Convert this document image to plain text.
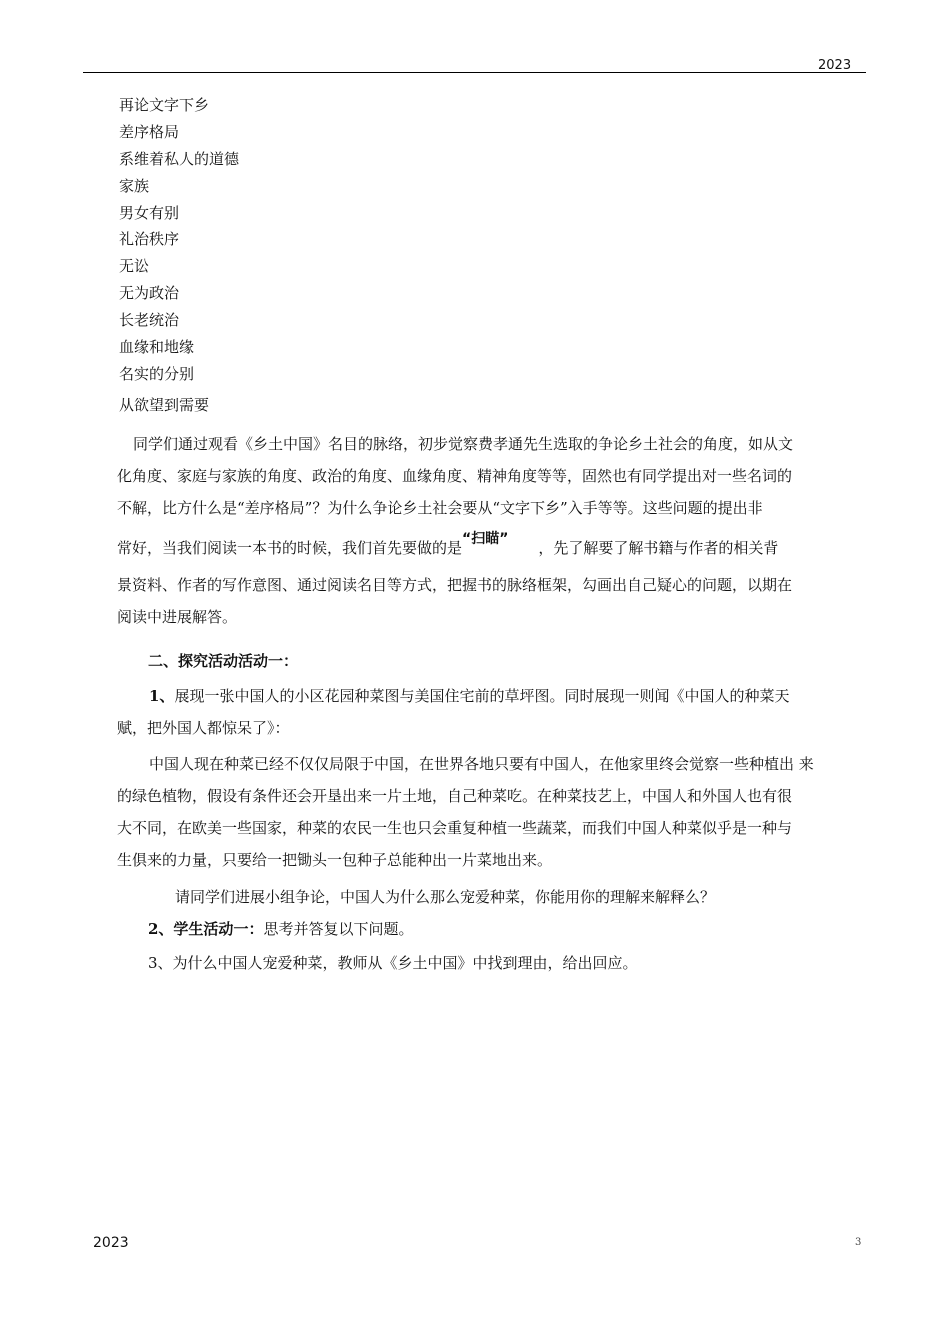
2023
再论文字下乡
差序格局
系维着私人的道德
家族
男女有别
礼治秩序
无讼
无为政治
长老统治
血缘和地缘
名实的分别
从欲望到需要
同学们通过观看《乡土中国》名目的脉络，初步觉察费孝通先生选取的争论乡土社会的角度，如从文
化角度、家庭与家族的角度、政治的角度、血缘角度、精神角度等等，固然也有同学提出对一些名词的
不解，比方什么是“差序格局”？为什么争论乡土社会要从“文字下乡”入手等等。这些问题的提出非
常好，当我们阅读一本书的时候，我们首先要做的是“扫瞄” ，先了解要了解书籍与作者的相关背
景资料、作者的写作意图、通过阅读名目等方式，把握书的脉络框架，勾画出自己疑心的问题，以期在
阅读中进展解答。
二、探究活动活动一：
1、展现一张中国人的小区花园种菜图与美国住宅前的草坪图。同时展现一则闻《中国人的种菜天
赋，把外国人都惊呆了》：
中国人现在种菜已经不仅仅局限于中国，在世界各地只要有中国人，在他家里终会觉察一些种植出 来
的绿色植物，假设有条件还会开垦出来一片土地，自己种菜吃。在种菜技艺上，中国人和外国人也有很
大不同，在欧美一些国家，种菜的农民一生也只会重复种植一些蔬菜，而我们中国人种菜似乎是一种与
生俱来的力量，只要给一把锄头一包种子总能种出一片菜地出来。
请同学们进展小组争论，中国人为什么那么宠爱种菜，你能用你的理解来解释么？
2、学生活动一：思考并答复以下问题。
3、为什么中国人宠爱种菜，教师从《乡土中国》中找到理由，给出回应。
2023	3
